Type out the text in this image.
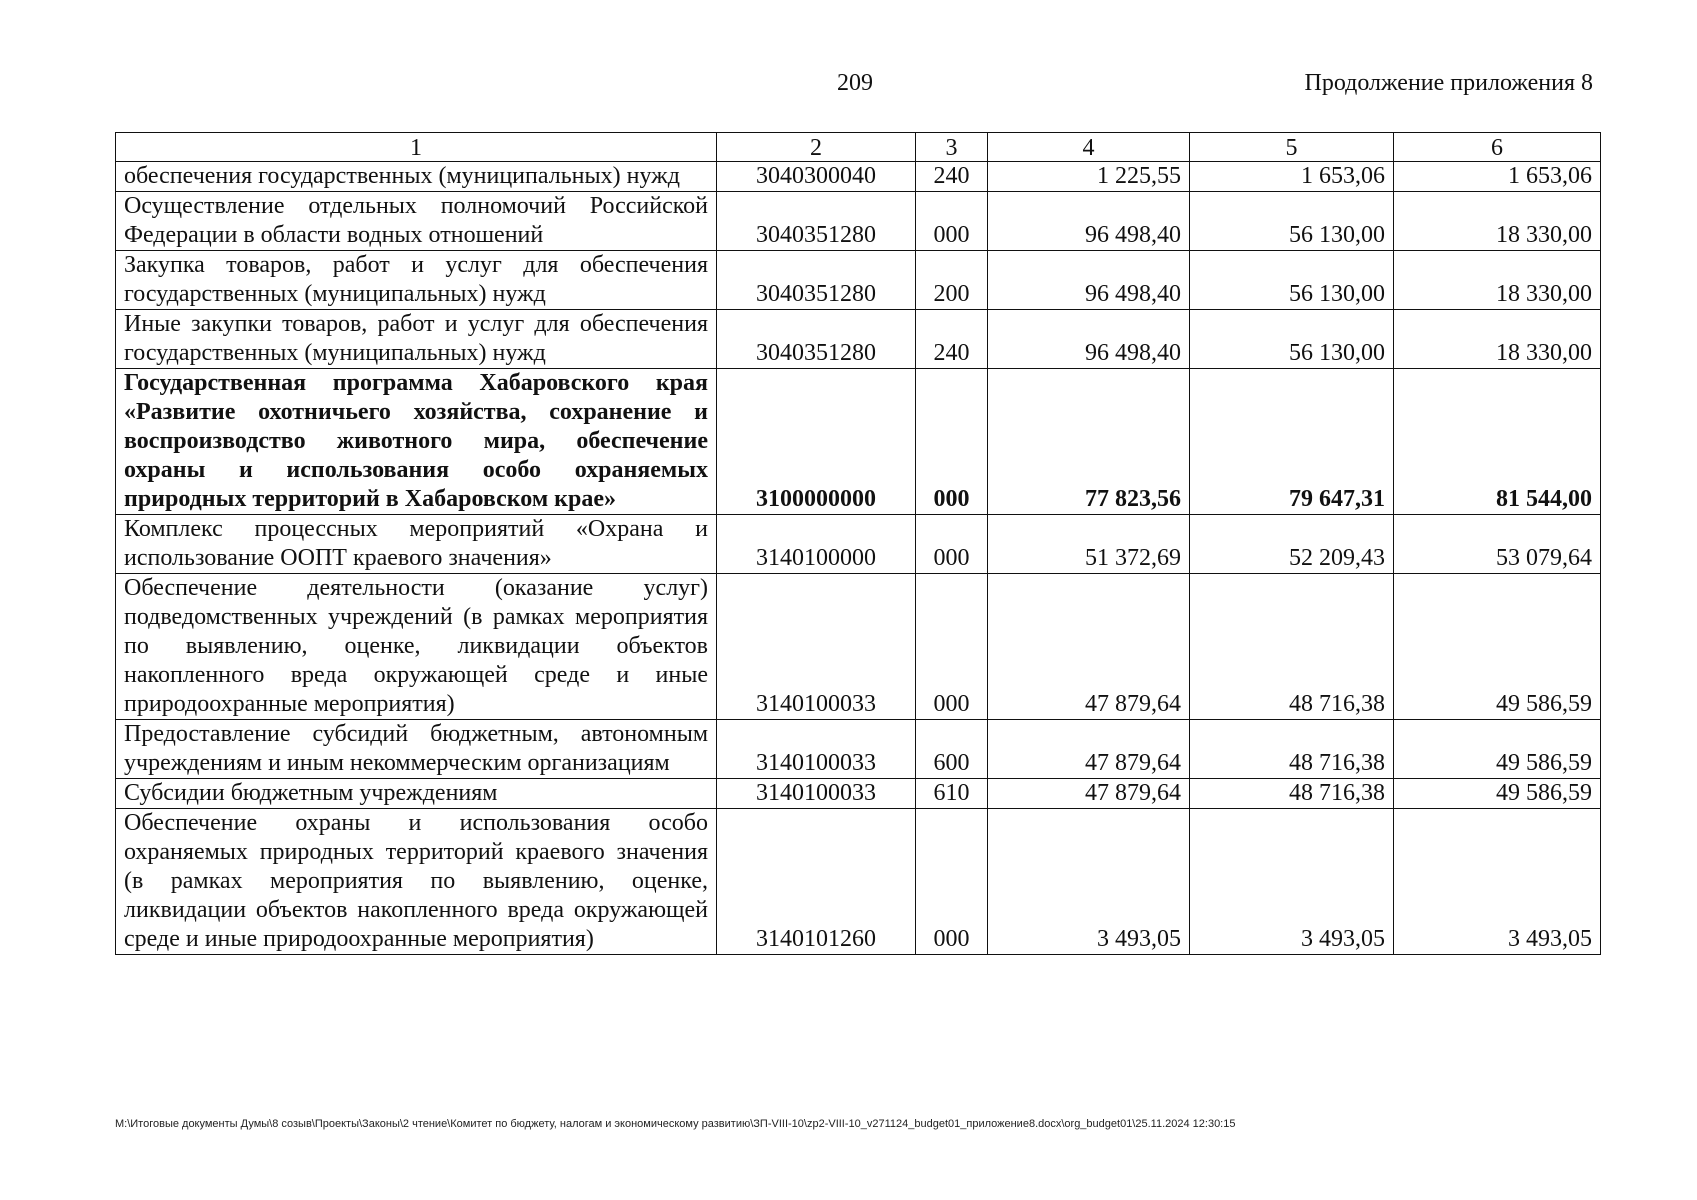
209	Продолжение приложения 8
1	2	3	4	5	6
обеспечения государственных (муниципальных) нужд	3040300040	240	1 225,55	1 653,06	1 653,06
Осуществление отдельных полномочий Российской Федерации в области водных отношений	3040351280	000	96 498,40	56 130,00	18 330,00
Закупка товаров, работ и услуг для обеспечения государственных (муниципальных) нужд	3040351280	200	96 498,40	56 130,00	18 330,00
Иные закупки товаров, работ и услуг для обеспечения государственных (муниципальных) нужд	3040351280	240	96 498,40	56 130,00	18 330,00
Государственная программа Хабаровского края «Развитие охотничьего хозяйства, сохранение и воспроизводство животного мира, обеспечение охраны и использования особо охраняемых природных территорий в Хабаровском крае»	3100000000	000	77 823,56	79 647,31	81 544,00
Комплекс процессных мероприятий «Охрана и использование ООПТ краевого значения»	3140100000	000	51 372,69	52 209,43	53 079,64
Обеспечение деятельности (оказание услуг) подведомственных учреждений (в рамках мероприятия по выявлению, оценке, ликвидации объектов накопленного вреда окружающей среде и иные природоохранные мероприятия)	3140100033	000	47 879,64	48 716,38	49 586,59
Предоставление субсидий бюджетным, автономным учреждениям и иным некоммерческим организациям	3140100033	600	47 879,64	48 716,38	49 586,59
Субсидии бюджетным учреждениям	3140100033	610	47 879,64	48 716,38	49 586,59
Обеспечение охраны и использования особо охраняемых природных территорий краевого значения (в рамках мероприятия по выявлению, оценке, ликвидации объектов накопленного вреда окружающей среде и иные природоохранные мероприятия)	3140101260	000	3 493,05	3 493,05	3 493,05
М:\Итоговые документы Думы\8 созыв\Проекты\Законы\2 чтение\Комитет по бюджету, налогам и экономическому развитию\ЗП-VIII-10\zp2-VIII-10_v271124_budget01_приложение8.docx\org_budget01\25.11.2024 12:30:15
